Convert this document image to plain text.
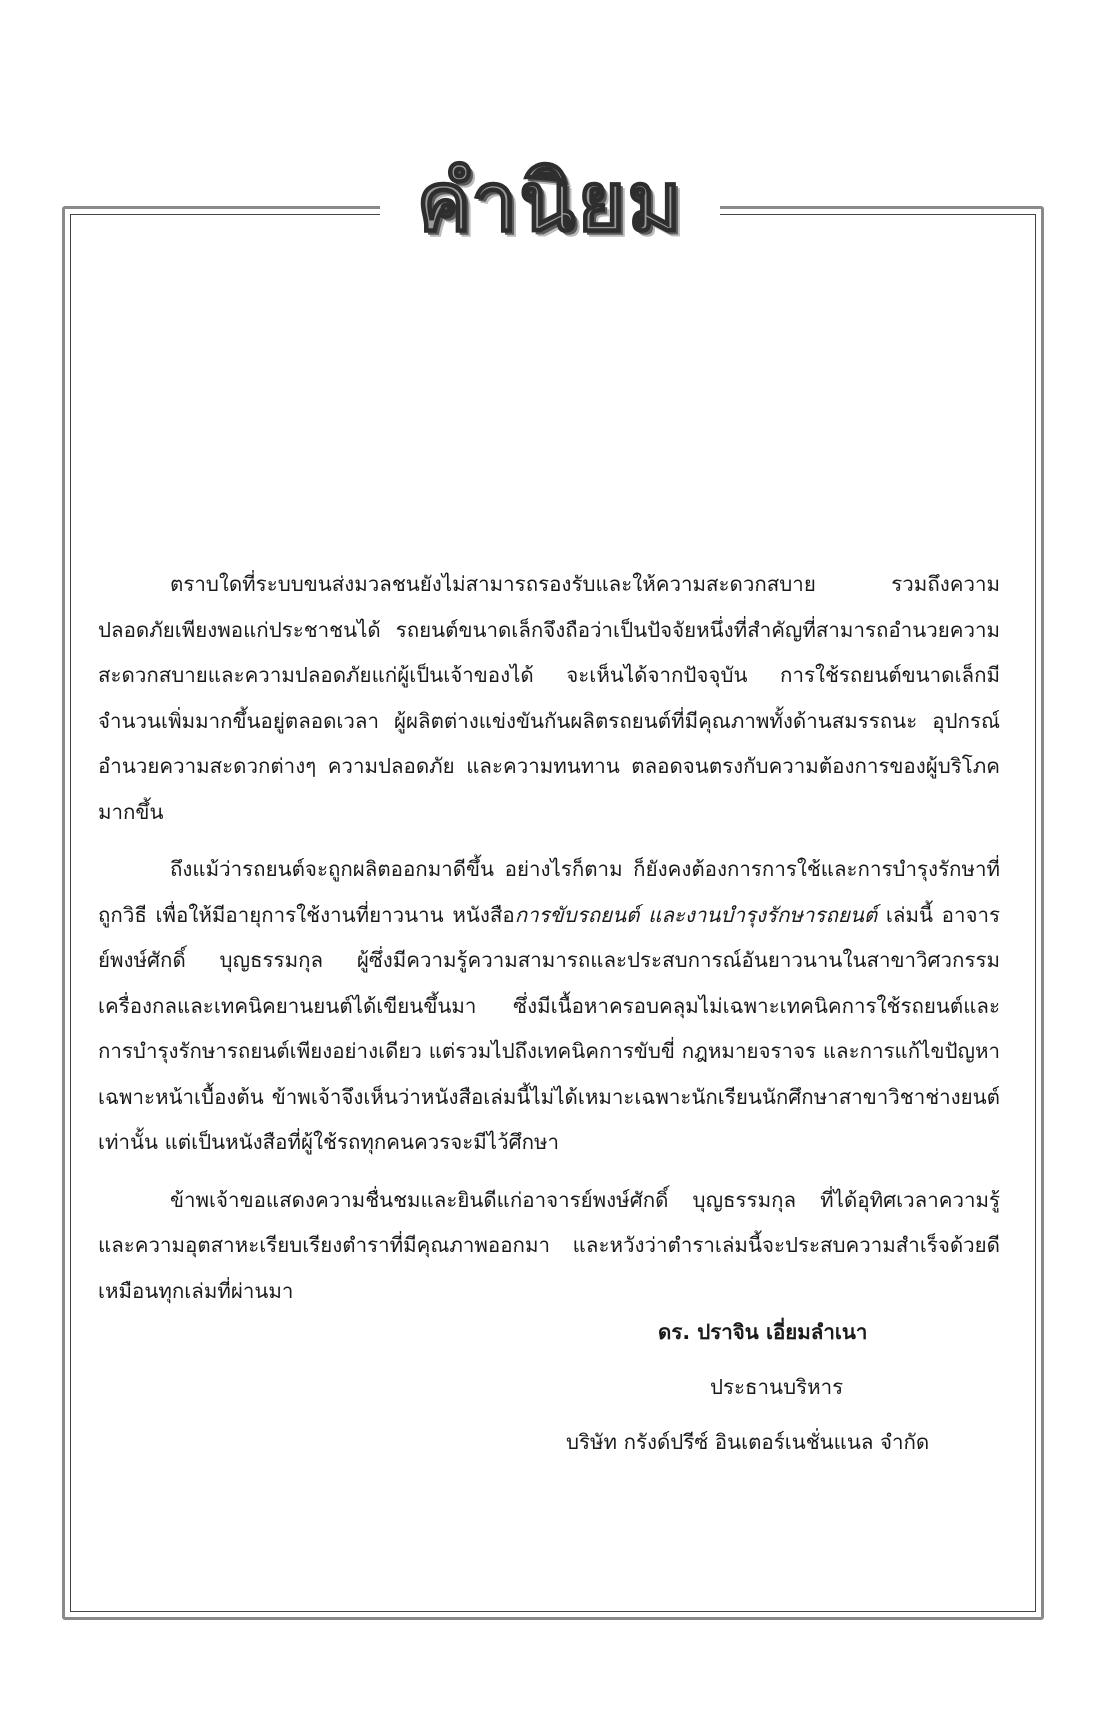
คำนิยม

ตราบใดที่ระบบขนส่งมวลชนยังไม่สามารถรองรับและให้ความสะดวกสบาย รวมถึงความปลอดภัยเพียงพอแก่ประชาชนได้ รถยนต์ขนาดเล็กจึงถือว่าเป็นปัจจัยหนึ่งที่สำคัญที่สามารถอำนวยความสะดวกสบายและความปลอดภัยแก่ผู้เป็นเจ้าของได้ จะเห็นได้จากปัจจุบัน การใช้รถยนต์ขนาดเล็กมีจำนวนเพิ่มมากขึ้นอยู่ตลอดเวลา ผู้ผลิตต่างแข่งขันกันผลิตรถยนต์ที่มีคุณภาพทั้งด้านสมรรถนะ อุปกรณ์อำนวยความสะดวกต่างๆ ความปลอดภัย และความทนทาน ตลอดจนตรงกับความต้องการของผู้บริโภคมากขึ้น

ถึงแม้ว่ารถยนต์จะถูกผลิตออกมาดีขึ้น อย่างไรก็ตาม ก็ยังคงต้องการการใช้และการบำรุงรักษาที่ถูกวิธี เพื่อให้มีอายุการใช้งานที่ยาวนาน หนังสือการขับรถยนต์ และงานบำรุงรักษารถยนต์ เล่มนี้ อาจารย์พงษ์ศักดิ์ บุญธรรมกุล ผู้ซึ่งมีความรู้ความสามารถและประสบการณ์อันยาวนานในสาขาวิศวกรรมเครื่องกลและเทคนิคยานยนต์ได้เขียนขึ้นมา ซึ่งมีเนื้อหาครอบคลุมไม่เฉพาะเทคนิคการใช้รถยนต์และการบำรุงรักษารถยนต์เพียงอย่างเดียว แต่รวมไปถึงเทคนิคการขับขี่ กฎหมายจราจร และการแก้ไขปัญหาเฉพาะหน้าเบื้องต้น ข้าพเจ้าจึงเห็นว่าหนังสือเล่มนี้ไม่ได้เหมาะเฉพาะนักเรียนนักศึกษาสาขาวิชาช่างยนต์เท่านั้น แต่เป็นหนังสือที่ผู้ใช้รถทุกคนควรจะมีไว้ศึกษา

ข้าพเจ้าขอแสดงความชื่นชมและยินดีแก่อาจารย์พงษ์ศักดิ์ บุญธรรมกุล ที่ได้อุทิศเวลาความรู้ และความอุตสาหะเรียบเรียงตำราที่มีคุณภาพออกมา และหวังว่าตำราเล่มนี้จะประสบความสำเร็จด้วยดีเหมือนทุกเล่มที่ผ่านมา

ดร. ปราจิน เอี่ยมลำเนา
ประธานบริหาร
บริษัท กรังด์ปรีซ์ อินเตอร์เนชั่นแนล จำกัด
